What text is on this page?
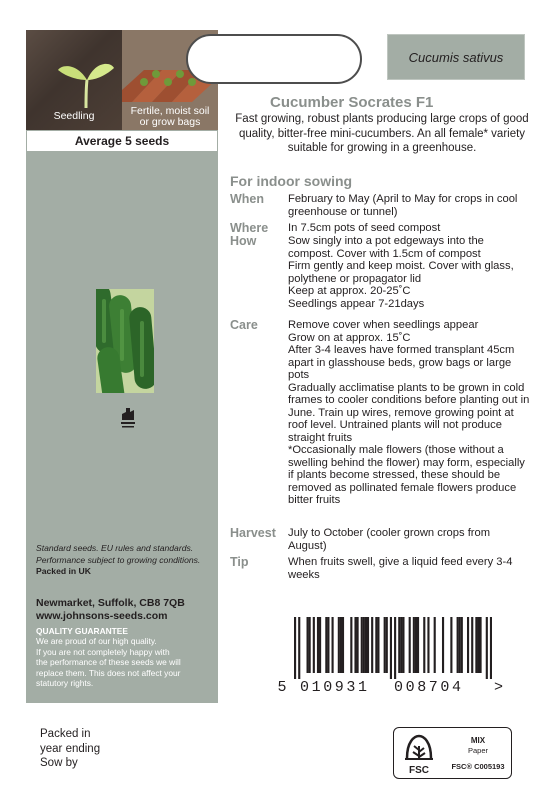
Seedling	Fertile, moist soil
or grow bags
Average 5 seeds
Standard seeds. EU rules and standards.
Performance subject to growing conditions.
Packed in UK
Newmarket, Suffolk, CB8 7QB
www.johnsons-seeds.com
QUALITY GUARANTEE
We are proud of our high quality.
If you are not completely happy with
the performance of these seeds we will
replace them. This does not affect your
statutory rights.
Packed in
year ending
Sow by
Cucumis sativus
Cucumber Socrates F1
Fast growing, robust plants producing large crops of good quality, bitter-free mini-cucumbers. An all female* variety suitable for growing in a greenhouse.
For indoor sowing
When	February to May (April to May for crops in cool greenhouse or tunnel)
Where	In 7.5cm pots of seed compost
How	Sow singly into a pot edgeways into the compost. Cover with 1.5cm of compost

Firm gently and keep moist. Cover with glass, polythene or propagator lid

Keep at approx. 20-25˚C

Seedlings appear 7-21days

Care	Remove cover when seedlings appear

Grow on at approx. 15˚C

After 3-4 leaves have formed transplant 45cm apart in glasshouse beds, grow bags or large pots

Gradually acclimatise plants to be grown in cold frames to cooler conditions before planting out in June. Train up wires, remove growing point at roof level. Untrained plants will not produce straight fruits

*Occasionally male flowers (those without a swelling behind the flower) may form, especially if plants become stressed, these should be removed as pollinated female flowers produce bitter fruits

Harvest	July to October (cooler grown crops from August)
Tip	When fruits swell, give a liquid feed every 3-4 weeks
5 010931	008704	>
FSC
MIX
Paper
FSC® C005193
